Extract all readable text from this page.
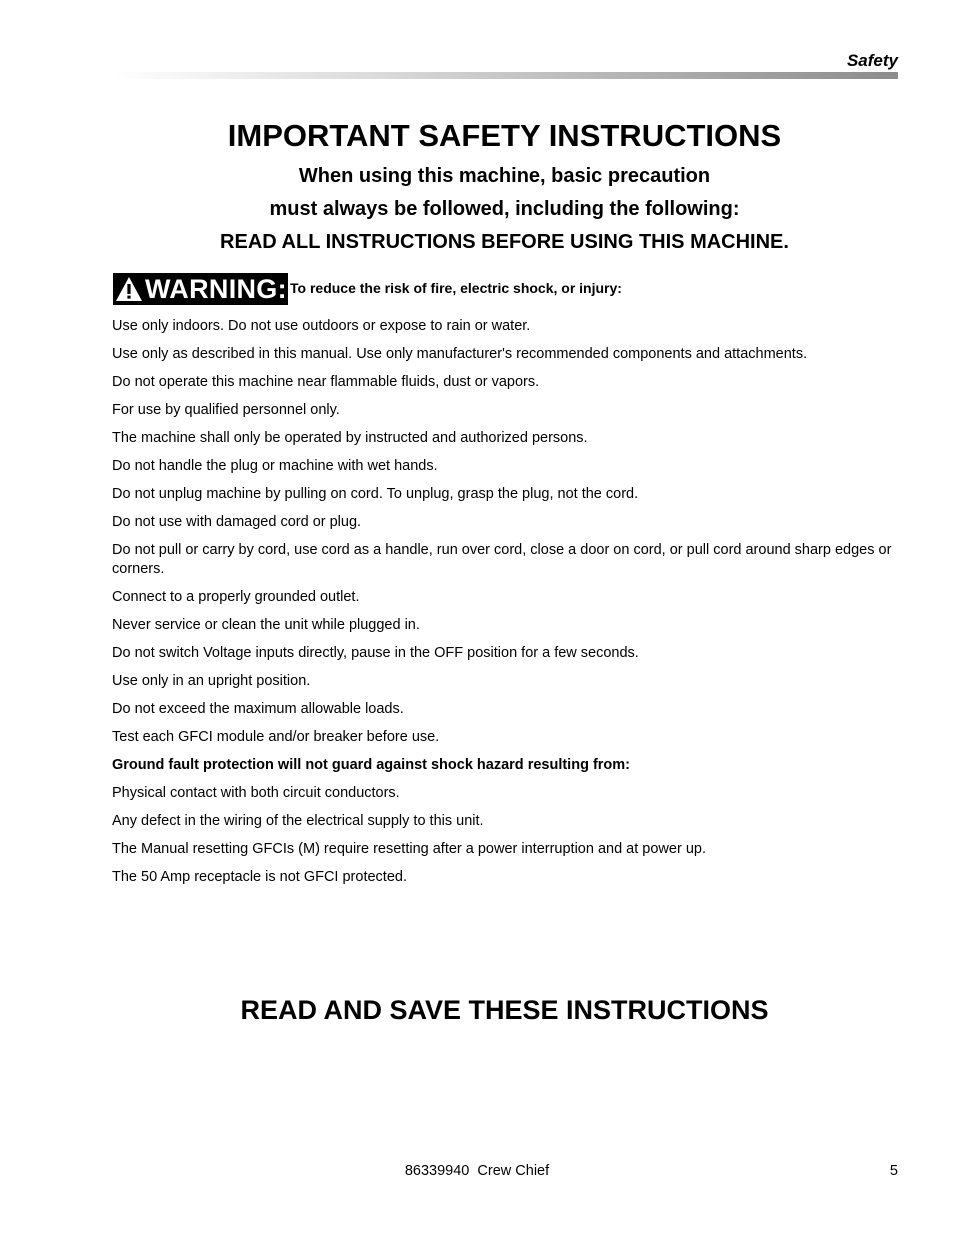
Safety
IMPORTANT SAFETY INSTRUCTIONS
When using this machine, basic precaution
must always be followed, including the following:
READ ALL INSTRUCTIONS BEFORE USING THIS MACHINE.
WARNING: To reduce the risk of fire, electric shock, or injury:
Use only indoors. Do not use outdoors or expose to rain or water.
Use only as described in this manual. Use only manufacturer's recommended components and attachments.
Do not operate this machine near flammable fluids, dust or vapors.
For use by qualified personnel only.
The machine shall only be operated by instructed and authorized persons.
Do not handle the plug or machine with wet hands.
Do not unplug machine by pulling on cord. To unplug, grasp the plug, not the cord.
Do not use with damaged cord or plug.
Do not pull or carry by cord, use cord as a handle, run over cord, close a door on cord, or pull cord around sharp edges or corners.
Connect to a properly grounded outlet.
Never service or clean the unit while plugged in.
Do not switch Voltage inputs directly, pause in the OFF position for a few seconds.
Use only in an upright position.
Do not exceed the maximum allowable loads.
Test each GFCI module and/or breaker before use.
Ground fault protection will not guard against shock hazard resulting from:
Physical contact with both circuit conductors.
Any defect in the wiring of the electrical supply to this unit.
The Manual resetting GFCIs (M) require resetting after a power interruption and at power up.
The 50 Amp receptacle is not GFCI protected.
READ AND SAVE THESE INSTRUCTIONS
86339940  Crew Chief	5
